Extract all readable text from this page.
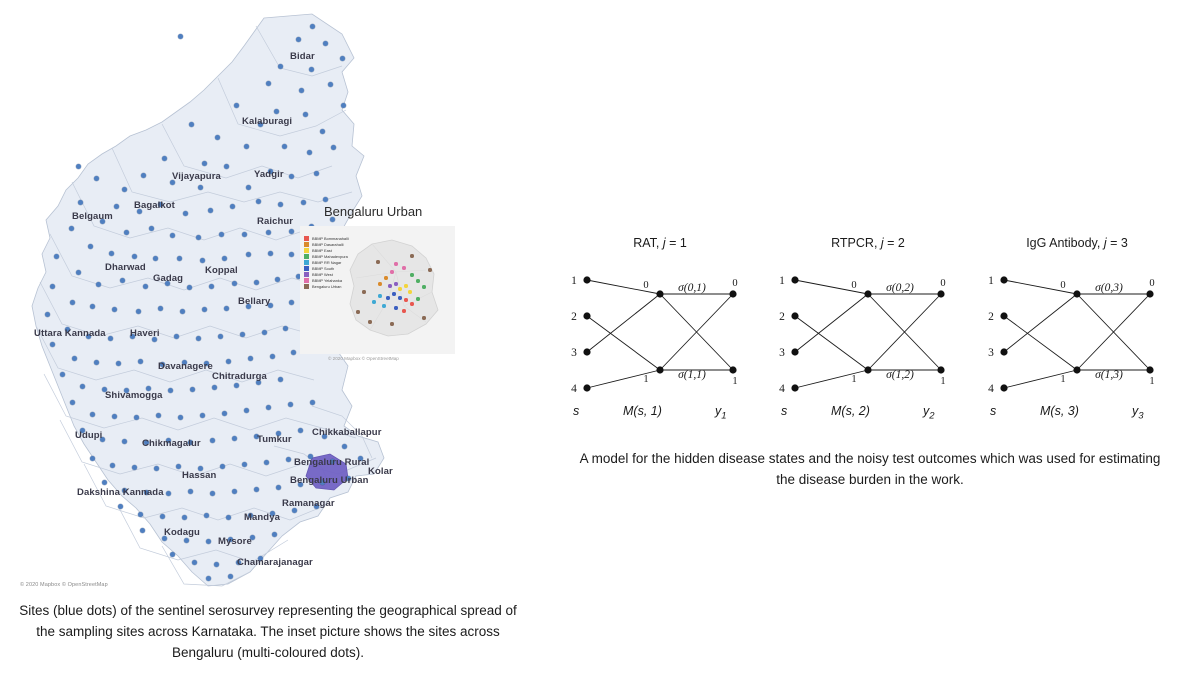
Bidar
Kalaburagi
Vijayapura	Yadgir
Bagalkot
Belgaum	Raichur
Dharwad
Gadag
Koppal
Bellary
Uttara Kannada	Haveri
Davanagere
Chitradurga
Shivamogga
Udupi
Chikmagalur	Tumkur
Chikkaballapur
Bengaluru Rural
Kolar
Hassan	Bengaluru Urban
Dakshina Kannada
Ramanagar
Mandya
Kodagu
Mysore
Chamarajanagar
© 2020 Mapbox © OpenStreetMap
Bengaluru Urban
BBMP Bommanahalli
BBMP Dasarahalli
BBMP East
BBMP Mahadevpura
BBMP RR Nagar
BBMP South
BBMP West
BBMP Yelahanka
Bengaluru Urban
© 2020 Mapbox © OpenStreetMap
Sites (blue dots) of the sentinel serosurvey representing the geographical spread of the sampling sites across Karnataka. The inset picture shows the sites across Bengaluru (multi-coloured dots).
RAT, j = 1
1
2
3
4
0	0
1	1
σ(0,1)
σ(1,1)
s	M(s, 1)	$y_1$
RTPCR, j = 2
1
2
3
4
0	0
1	1
σ(0,2)
σ(1,2)
s	M(s, 2)	$y_2$
IgG Antibody, j = 3
1
2
3
4
0	0
1	1
σ(0,3)
σ(1,3)
s	M(s, 3)	$y_3$
A model for the hidden disease states and the noisy test outcomes which was used for estimating the disease burden in the work.
